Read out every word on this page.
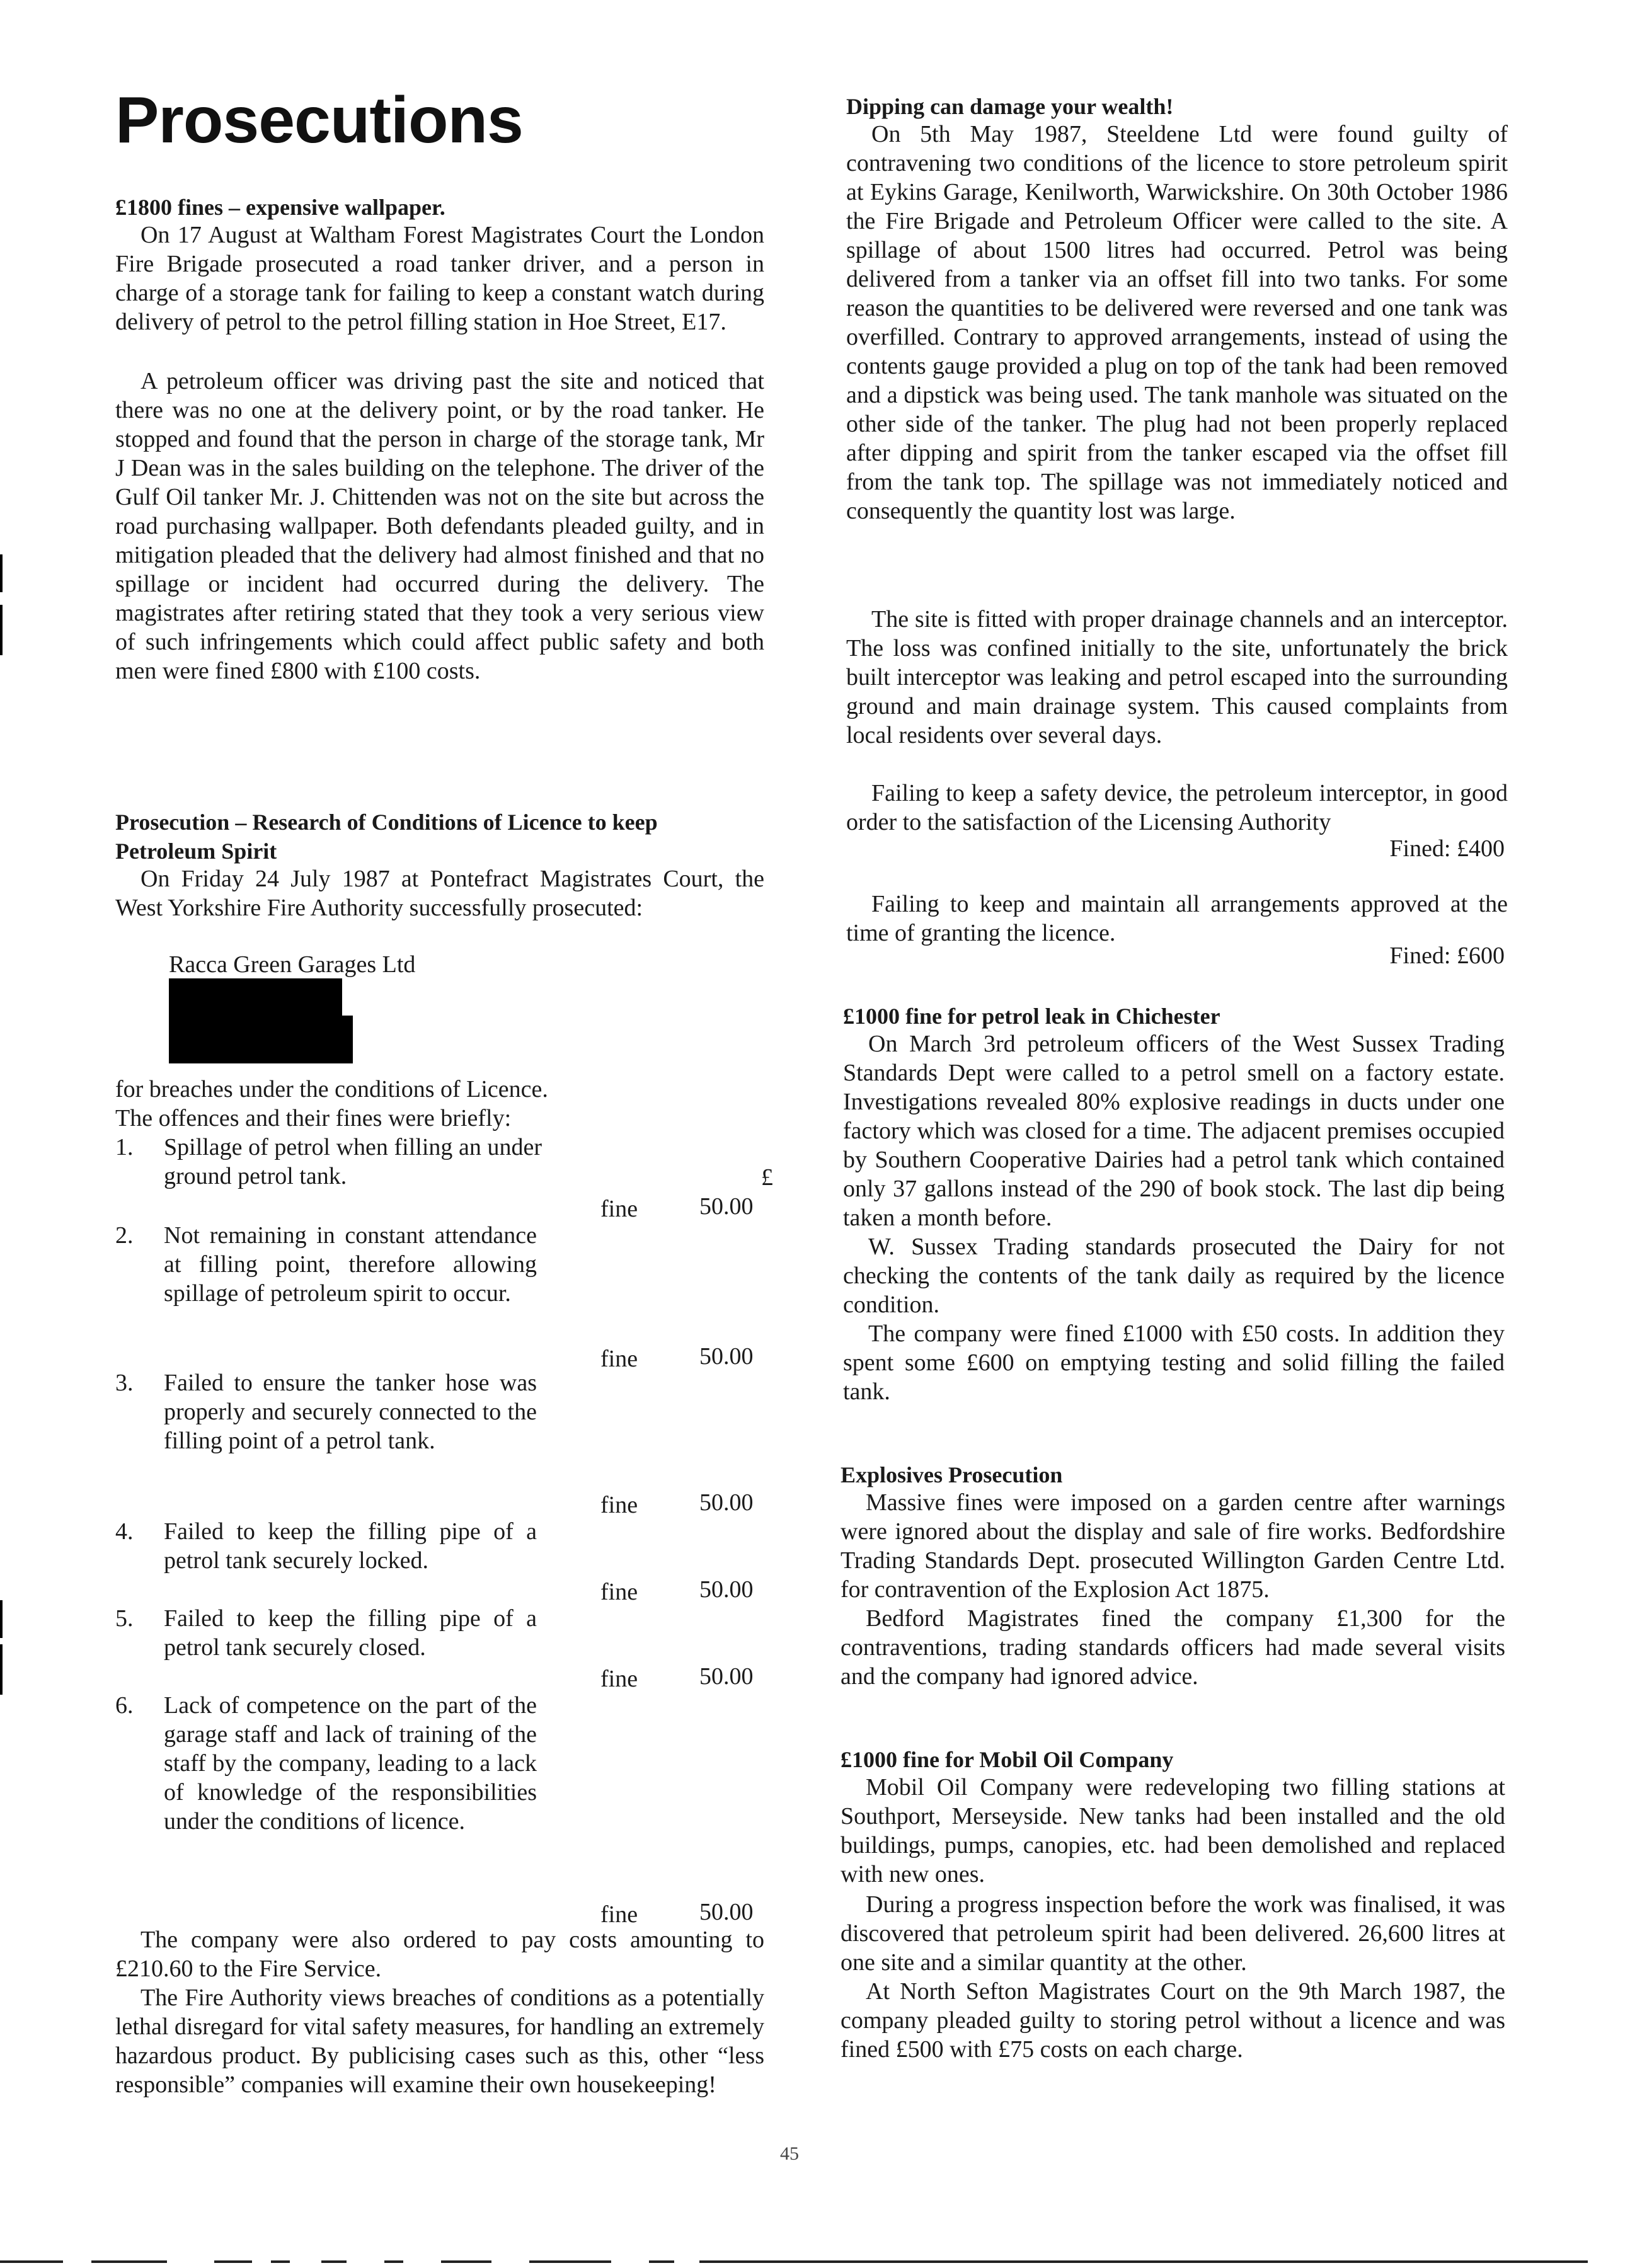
Prosecutions
£1800 fines – expensive wallpaper.

On 17 August at Waltham Forest Magistrates Court the London Fire Brigade prosecuted a road tanker driver, and a person in charge of a storage tank for failing to keep a constant watch during delivery of petrol to the petrol filling station in Hoe Street, E17.

A petroleum officer was driving past the site and noticed that there was no one at the delivery point, or by the road tanker. He stopped and found that the person in charge of the storage tank, Mr J Dean was in the sales building on the telephone. The driver of the Gulf Oil tanker Mr. J. Chittenden was not on the site but across the road purchasing wallpaper. Both defendants pleaded guilty, and in mitigation pleaded that the delivery had almost finished and that no spillage or incident had occurred during the delivery. The magistrates after retiring stated that they took a very serious view of such infringements which could affect public safety and both men were fined £800 with £100 costs.

Prosecution – Research of Conditions of Licence to keep
Petroleum Spirit

On Friday 24 July 1987 at Pontefract Magistrates Court, the West Yorkshire Fire Authority successfully prosecuted:

Racca Green Garages Ltd

for breaches under the conditions of Licence.

The offences and their fines were briefly:

£
1.	Spillage of petrol when filling an under ground petrol tank.
fine	50.00
2.	Not remaining in constant attendance at filling point, therefore allowing spillage of petroleum spirit to occur.
fine	50.00
3.	Failed to ensure the tanker hose was properly and securely connected to the filling point of a petrol tank.
fine	50.00
4.	Failed to keep the filling pipe of a petrol tank securely locked.
fine	50.00
5.	Failed to keep the filling pipe of a petrol tank securely closed.
fine	50.00
6.	Lack of competence on the part of the garage staff and lack of training of the staff by the company, leading to a lack of knowledge of the responsibilities under the conditions of licence.
fine	50.00

The company were also ordered to pay costs amounting to £210.60 to the Fire Service.

The Fire Authority views breaches of conditions as a potentially lethal disregard for vital safety measures, for handling an extremely hazardous product. By publicising cases such as this, other “less responsible” companies will examine their own housekeeping!

Dipping can damage your wealth!

On 5th May 1987, Steeldene Ltd were found guilty of contravening two conditions of the licence to store petroleum spirit at Eykins Garage, Kenilworth, Warwickshire. On 30th October 1986 the Fire Brigade and Petroleum Officer were called to the site. A spillage of about 1500 litres had occurred. Petrol was being delivered from a tanker via an offset fill into two tanks. For some reason the quantities to be delivered were reversed and one tank was overfilled. Contrary to approved arrangements, instead of using the contents gauge provided a plug on top of the tank had been removed and a dipstick was being used. The tank manhole was situated on the other side of the tanker. The plug had not been properly replaced after dipping and spirit from the tanker escaped via the offset fill from the tank top. The spillage was not immediately noticed and consequently the quantity lost was large.

The site is fitted with proper drainage channels and an interceptor. The loss was confined initially to the site, unfortunately the brick built interceptor was leaking and petrol escaped into the surrounding ground and main drainage system. This caused complaints from local residents over several days.

Failing to keep a safety device, the petroleum interceptor, in good order to the satisfaction of the Licensing Authority

Fined: £400

Failing to keep and maintain all arrangements approved at the time of granting the licence.

Fined: £600
£1000 fine for petrol leak in Chichester

On March 3rd petroleum officers of the West Sussex Trading Standards Dept were called to a petrol smell on a factory estate. Investigations revealed 80% explosive readings in ducts under one factory which was closed for a time. The adjacent premises occupied by Southern Cooperative Dairies had a petrol tank which contained only 37 gallons instead of the 290 of book stock. The last dip being taken a month before.

W. Sussex Trading standards prosecuted the Dairy for not checking the contents of the tank daily as required by the licence condition.

The company were fined £1000 with £50 costs. In addition they spent some £600 on emptying testing and solid filling the failed tank.

Explosives Prosecution

Massive fines were imposed on a garden centre after warnings were ignored about the display and sale of fire works. Bedfordshire Trading Standards Dept. prosecuted Willington Garden Centre Ltd. for contravention of the Explosion Act 1875.

Bedford Magistrates fined the company £1,300 for the contraventions, trading standards officers had made several visits and the company had ignored advice.

£1000 fine for Mobil Oil Company

Mobil Oil Company were redeveloping two filling stations at Southport, Merseyside. New tanks had been installed and the old buildings, pumps, canopies, etc. had been demolished and replaced with new ones.

During a progress inspection before the work was finalised, it was discovered that petroleum spirit had been delivered. 26,600 litres at one site and a similar quantity at the other.

At North Sefton Magistrates Court on the 9th March 1987, the company pleaded guilty to storing petrol without a licence and was fined £500 with £75 costs on each charge.

45
